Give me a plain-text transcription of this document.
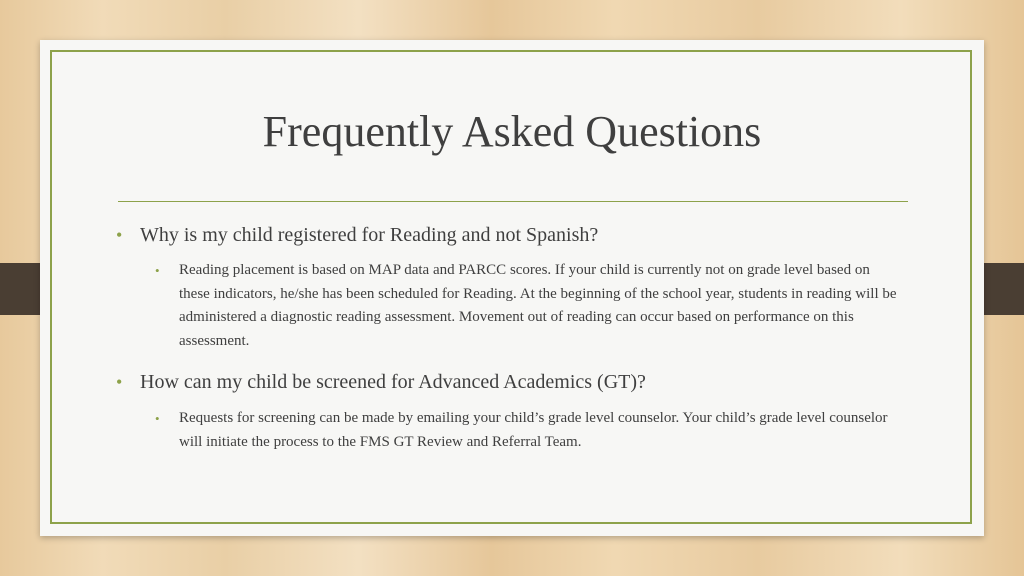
Frequently Asked Questions
• Why is my child registered for Reading and not Spanish?
• Reading placement is based on MAP data and PARCC scores. If your child is currently not on grade level based on these indicators, he/she has been scheduled for Reading. At the beginning of the school year, students in reading will be administered a diagnostic reading assessment. Movement out of reading can occur based on performance on this assessment.
• How can my child be screened for Advanced Academics (GT)?
• Requests for screening can be made by emailing your child’s grade level counselor. Your child’s grade level counselor will initiate the process to the FMS GT Review and Referral Team.
